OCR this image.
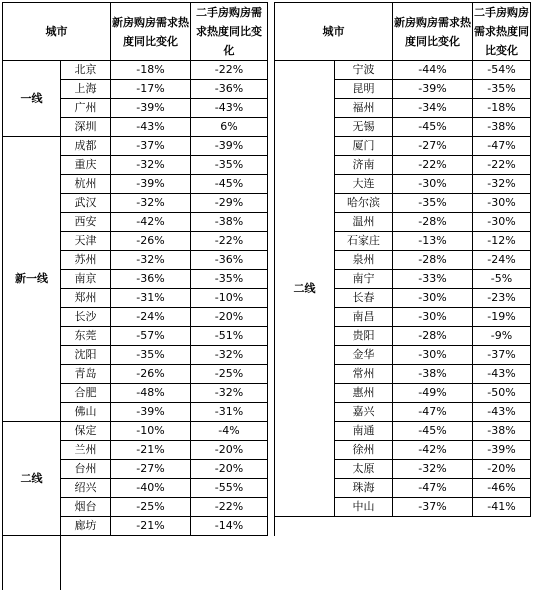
城市		新房购房需求热度同比变化	二手房购房需求热度同比变化		城市		新房购房需求热度同比变化	二手房购房需求热度同比变化
一线	北京	-18%	-22%		二线	宁波	-44%	-54%
	上海	-17%	-36%			昆明	-39%	-35%
	广州	-39%	-43%			福州	-34%	-18%
	深圳	-43%	6%			无锡	-45%	-38%
新一线	成都	-37%	-39%			厦门	-27%	-47%
	重庆	-32%	-35%			济南	-22%	-22%
	杭州	-39%	-45%			大连	-30%	-32%
	武汉	-32%	-29%			哈尔滨	-35%	-30%
	西安	-42%	-38%			温州	-28%	-30%
	天津	-26%	-22%			石家庄	-13%	-12%
	苏州	-32%	-36%			泉州	-28%	-24%
	南京	-36%	-35%			南宁	-33%	-5%
	郑州	-31%	-10%			长春	-30%	-23%
	长沙	-24%	-20%			南昌	-30%	-19%
	东莞	-57%	-51%			贵阳	-28%	-9%
	沈阳	-35%	-32%			金华	-30%	-37%
	青岛	-26%	-25%			常州	-38%	-43%
	合肥	-48%	-32%			惠州	-49%	-50%
	佛山	-39%	-31%			嘉兴	-47%	-43%
二线	保定	-10%	-4%			南通	-45%	-38%
	兰州	-21%	-20%			徐州	-42%	-39%
	台州	-27%	-20%			太原	-32%	-20%
	绍兴	-40%	-55%			珠海	-47%	-46%
	烟台	-25%	-22%			中山	-37%	-41%
	廊坊	-21%	-14%					
